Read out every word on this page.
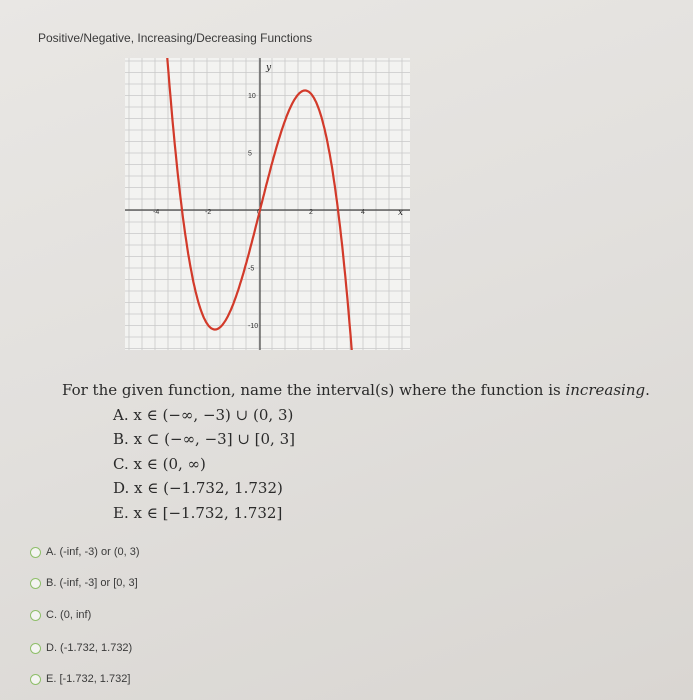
Positive/Negative, Increasing/Decreasing Functions
-4	-2	0	2	4
10
5
-5
-10
y
x
For the given function, name the interval(s) where the function is increasing.
A. x ∈ (−∞, −3) ∪ (0, 3)
B. x ⊂ (−∞, −3] ∪ [0, 3]
C. x ∈ (0, ∞)
D. x ∈ (−1.732, 1.732)
E. x ∈ [−1.732, 1.732]
A. (-inf, -3) or (0, 3)
B. (-inf, -3] or [0, 3]
C. (0, inf)
D. (-1.732, 1.732)
E. [-1.732, 1.732]
